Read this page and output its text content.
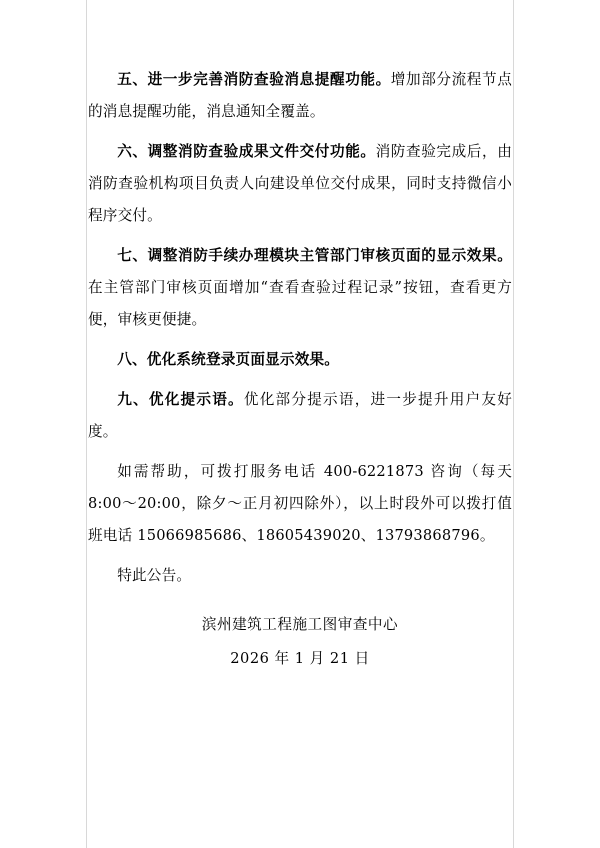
五、进一步完善消防查验消息提醒功能。增加部分流程节点的消息提醒功能，消息通知全覆盖。

六、调整消防查验成果文件交付功能。消防查验完成后，由消防查验机构项目负责人向建设单位交付成果，同时支持微信小程序交付。

七、调整消防手续办理模块主管部门审核页面的显示效果。在主管部门审核页面增加“查看查验过程记录”按钮，查看更方便，审核更便捷。

八、优化系统登录页面显示效果。

九、优化提示语。优化部分提示语，进一步提升用户友好度。

如需帮助，可拨打服务电话 400-6221873 咨询（每天 8:00～20:00，除夕～正月初四除外），以上时段外可以拨打值班电话 15066985686、18605439020、13793868796。

特此公告。

滨州建筑工程施工图审查中心
2026 年 1 月 21 日
